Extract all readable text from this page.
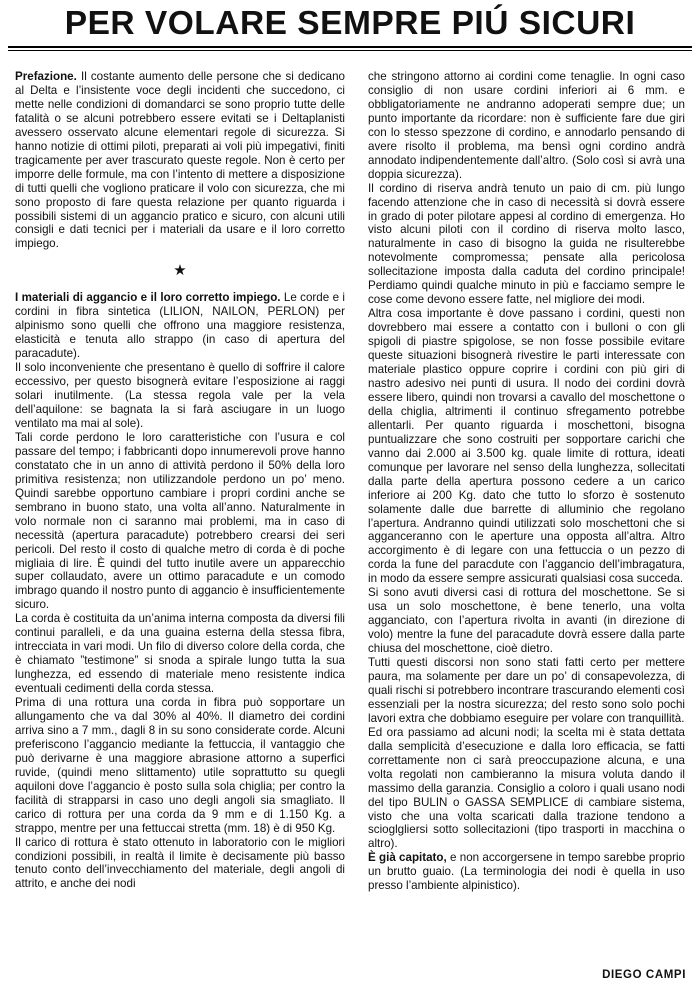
PER VOLARE SEMPRE PIÚ SICURI

Prefazione. Il costante aumento delle persone che si dedicano al Delta e l’insistente voce degli incidenti che succedono, ci mette nelle condizioni di domandarci se sono proprio tutte delle fatalità o se alcuni potrebbero essere evitati se i Deltaplanisti avessero osservato alcune elementari regole di sicurezza. Si hanno notizie di ottimi piloti, preparati ai voli più impegativi, finiti tragicamente per aver trascurato queste regole. Non è certo per imporre delle formule, ma con l’intento di mettere a disposizione di tutti quelli che vogliono praticare il volo con sicurezza, che mi sono proposto di fare questa relazione per quanto riguarda i possibili sistemi di un aggancio pratico e sicuro, con alcuni utili consigli e dati tecnici per i materiali da usare e il loro corretto impiego.

★

I materiali di aggancio e il loro corretto impiego. Le corde e i cordini in fibra sintetica (LILION, NAILON, PERLON) per alpinismo sono quelli che offrono una maggiore resistenza, elasticità e tenuta allo strappo (in caso di apertura del paracadute).

Il solo inconveniente che presentano è quello di soffrire il calore eccessivo, per questo bisognerà evitare l’esposizione ai raggi solari inutilmente. (La stessa regola vale per la vela dell’aquilone: se bagnata la si farà asciugare in un luogo ventilato ma mai al sole).

Tali corde perdono le loro caratteristiche con l’usura e col passare del tempo; i fabbricanti dopo innumerevoli prove hanno constatato che in un anno di attività perdono il 50% della loro primitiva resistenza; non utilizzandole perdono un po’ meno. Quindi sarebbe opportuno cambiare i propri cordini anche se sembrano in buono stato, una volta all’anno. Naturalmente in volo normale non ci saranno mai problemi, ma in caso di necessità (apertura paracadute) potrebbero crearsi dei seri pericoli. Del resto il costo di qualche metro di corda è di poche migliaia di lire. È quindi del tutto inutile avere un apparecchio super collaudato, avere un ottimo paracadute e un comodo imbrago quando il nostro punto di aggancio è insufficientemente sicuro.

La corda è costituita da un’anima interna composta da diversi fili continui paralleli, e da una guaina esterna della stessa fibra, intrecciata in vari modi. Un filo di diverso colore della corda, che è chiamato ”testimone” si snoda a spirale lungo tutta la sua lunghezza, ed essendo di materiale meno resistente indica eventuali cedimenti della corda stessa.

Prima di una rottura una corda in fibra può sopportare un allungamento che va dal 30% al 40%. Il diametro dei cordini arriva sino a 7 mm., dagli 8 in su sono considerate corde. Alcuni preferiscono l’aggancio mediante la fettuccia, il vantaggio che può derivarne è una maggiore abrasione attorno a superfici ruvide, (quindi meno slittamento) utile soprattutto su quegli aquiloni dove l’aggancio è posto sulla sola chiglia; per contro la facilità di strapparsi in caso uno degli angoli sia smagliato. Il carico di rottura per una corda da 9 mm e di 1.150 Kg. a strappo, mentre per una fettuccai stretta (mm. 18) è di 950 Kg.

Il carico di rottura è stato ottenuto in laboratorio con le migliori condizioni possibili, in realtà il limite è decisamente più basso tenuto conto dell’invecchiamento del materiale, degli angoli di attrito, e anche dei nodi

che stringono attorno ai cordini come tenaglie. In ogni caso consiglio di non usare cordini inferiori ai 6 mm. e obbligatoriamente ne andranno adoperati sempre due; un punto importante da ricordare: non è sufficiente fare due giri con lo stesso spezzone di cordino, e annodarlo pensando di avere risolto il problema, ma bensì ogni cordino andrà annodato indipendentemente dall’altro. (Solo così si avrà una doppia sicurezza).

Il cordino di riserva andrà tenuto un paio di cm. più lungo facendo attenzione che in caso di necessità si dovrà essere in grado di poter pilotare appesi al cordino di emergenza. Ho visto alcuni piloti con il cordino di riserva molto lasco, naturalmente in caso di bisogno la guida ne risulterebbe notevolmente compromessa; pensate alla pericolosa sollecitazione imposta dalla caduta del cordino principale! Perdiamo quindi qualche minuto in più e facciamo sempre le cose come devono essere fatte, nel migliore dei modi.

Altra cosa importante è dove passano i cordini, questi non dovrebbero mai essere a contatto con i bulloni o con gli spigoli di piastre spigolose, se non fosse possibile evitare queste situazioni bisognerà rivestire le parti interessate con materiale plastico oppure coprire i cordini con più giri di nastro adesivo nei punti di usura. Il nodo dei cordini dovrà essere libero, quindi non trovarsi a cavallo del moschettone o della chiglia, altrimenti il continuo sfregamento potrebbe allentarli. Per quanto riguarda i moschettoni, bisogna puntualizzare che sono costruiti per sopportare carichi che vanno dai 2.000 ai 3.500 kg. quale limite di rottura, ideati comunque per lavorare nel senso della lunghezza, sollecitati dalla parte della apertura possono cedere a un carico inferiore ai 200 Kg. dato che tutto lo sforzo è sostenuto solamente dalle due barrette di alluminio che regolano l’apertura. Andranno quindi utilizzati solo moschettoni che si agganceranno con le aperture una opposta all’altra. Altro accorgimento è di legare con una fettuccia o un pezzo di corda la fune del paracdute con l’aggancio dell’imbragatura, in modo da essere sempre assicurati qualsiasi cosa succeda.

Si sono avuti diversi casi di rottura del moschettone. Se si usa un solo moschettone, è bene tenerlo, una volta agganciato, con l’apertura rivolta in avanti (in direzione di volo) mentre la fune del paracadute dovrà essere dalla parte chiusa del moschettone, cioè dietro.

Tutti questi discorsi non sono stati fatti certo per mettere paura, ma solamente per dare un po’ di consapevolezza, di quali rischi si potrebbero incontrare trascurando elementi così essenziali per la nostra sicurezza; del resto sono solo pochi lavori extra che dobbiamo eseguire per volare con tranquillità.

Ed ora passiamo ad alcuni nodi; la scelta mi è stata dettata dalla semplicità d’esecuzione e dalla loro efficacia, se fatti correttamente non ci sarà preoccupazione alcuna, e una volta regolati non cambieranno la misura voluta dando il massimo della garanzia. Consiglio a coloro i quali usano nodi del tipo BULIN o GASSA SEMPLICE di cambiare sistema, visto che una volta scaricati dalla trazione tendono a scioglgliersi sotto sollecitazioni (tipo trasporti in macchina o altro).

È già capitato, e non accorgersene in tempo sarebbe proprio un brutto guaio. (La terminologia dei nodi è quella in uso presso l’ambiente alpinistico).

DIEGO CAMPI
